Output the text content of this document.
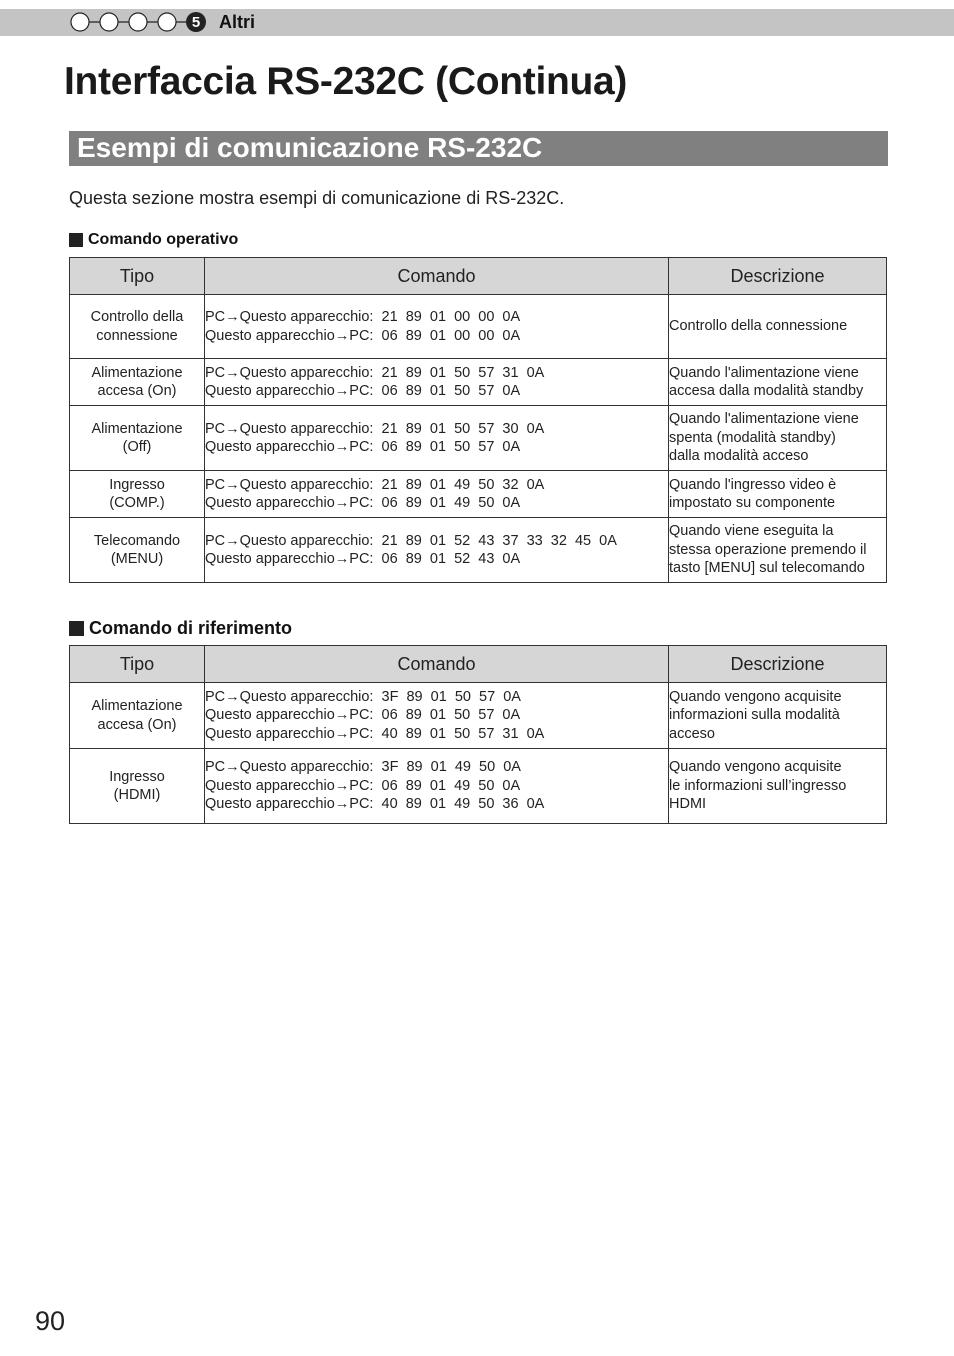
5 Altri
Interfaccia RS-232C (Continua)
Esempi di comunicazione RS-232C

Questa sezione mostra esempi di comunicazione di RS-232C.

Comando operativo
Tipo	Comando	Descrizione

Controllo della
connessione	PC→Questo apparecchio:  21  89  01  00  00  0A
Questo apparecchio→PC:  06  89  01  00  00  0A	Controllo della connessione

Alimentazione
accesa (On)	PC→Questo apparecchio:  21  89  01  50  57  31  0A
Questo apparecchio→PC:  06  89  01  50  57  0A	Quando l'alimentazione viene
accesa dalla modalità standby

Alimentazione
(Off)	PC→Questo apparecchio:  21  89  01  50  57  30  0A
Questo apparecchio→PC:  06  89  01  50  57  0A	Quando l'alimentazione viene
spenta (modalità standby)
dalla modalità acceso

Ingresso
(COMP.)	PC→Questo apparecchio:  21  89  01  49  50  32  0A
Questo apparecchio→PC:  06  89  01  49  50  0A	Quando l'ingresso video è
impostato su componente

Telecomando
(MENU)	PC→Questo apparecchio:  21  89  01  52  43  37  33  32  45  0A
Questo apparecchio→PC:  06  89  01  52  43  0A	Quando viene eseguita la
stessa operazione premendo il
tasto [MENU] sul telecomando
Comando di riferimento
Tipo	Comando	Descrizione

Alimentazione
accesa (On)	PC→Questo apparecchio:  3F  89  01  50  57  0A
Questo apparecchio→PC:  06  89  01  50  57  0A
Questo apparecchio→PC:  40  89  01  50  57  31  0A	Quando vengono acquisite
informazioni sulla modalità
acceso

Ingresso
(HDMI)	PC→Questo apparecchio:  3F  89  01  49  50  0A
Questo apparecchio→PC:  06  89  01  49  50  0A
Questo apparecchio→PC:  40  89  01  49  50  36  0A	Quando vengono acquisite
le informazioni sull’ingresso
HDMI
90
